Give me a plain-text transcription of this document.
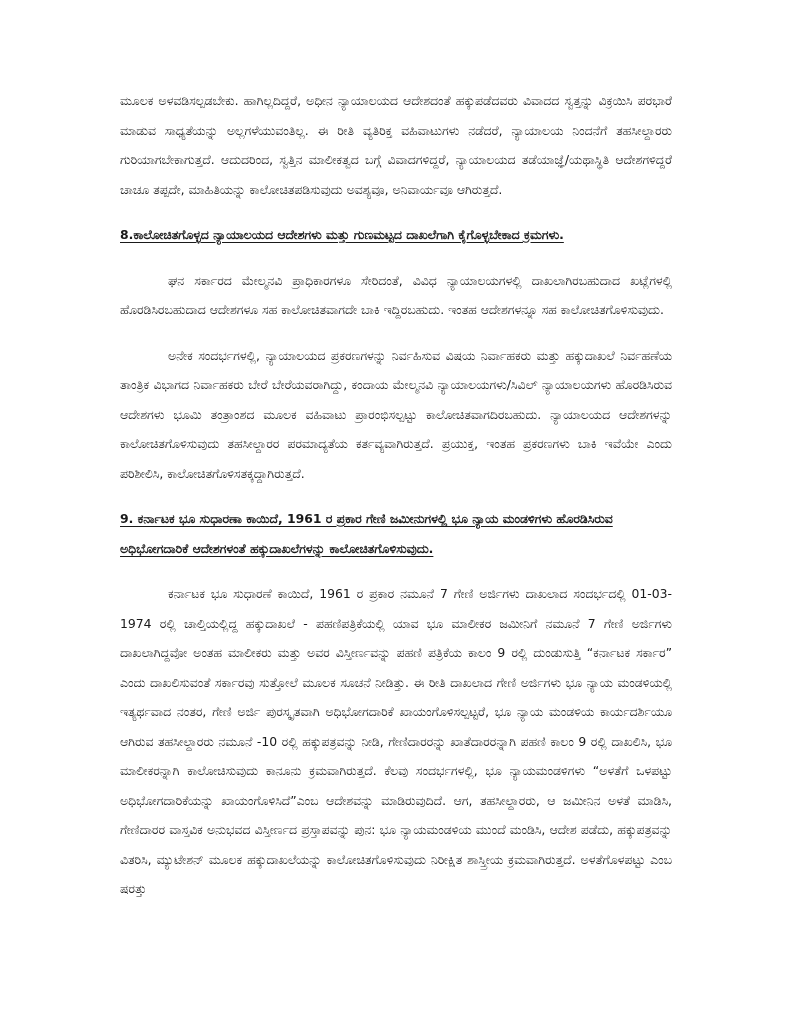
ಮೂಲಕ ಅಳವಡಿಸಲ್ಪಡಬೇಕು. ಹಾಗಿಲ್ಲದಿದ್ದರೆ, ಅಧೀನ ನ್ಯಾಯಾಲಯದ ಆದೇಶದಂತೆ ಹಕ್ಕುಪಡೆದವರು ವಿವಾದದ ಸ್ವತ್ತನ್ನು ವಿಕ್ರಯಿಸಿ ಪರಭಾರೆ ಮಾಡುವ ಸಾಧ್ಯತೆಯನ್ನು ಅಲ್ಲಗಳೆಯುವಂತಿಲ್ಲ. ಈ ರೀತಿ ವ್ಯತಿರಿಕ್ತ ವಹಿವಾಟುಗಳು ನಡೆದರೆ, ನ್ಯಾಯಾಲಯ ನಿಂದನೆಗೆ ತಹಸೀಲ್ದಾರರು ಗುರಿಯಾಗಬೇಕಾಗುತ್ತದೆ. ಆದುದರಿಂದ, ಸ್ವತ್ತಿನ ಮಾಲೀಕತ್ವದ ಬಗ್ಗೆ ವಿವಾದಗಳಿದ್ದರೆ, ನ್ಯಾಯಾಲಯದ ತಡೆಯಾಜ್ಞೆ/ಯಥಾಸ್ಥಿತಿ ಆದೇಶಗಳಿದ್ದರೆ ಚಾಚೂ ತಪ್ಪದೇ, ಮಾಹಿತಿಯನ್ನು ಕಾಲೋಚಿತಪಡಿಸುವುದು ಅವಶ್ಯವೂ, ಅನಿವಾರ್ಯವೂ ಆಗಿರುತ್ತದೆ.

8.ಕಾಲೋಚಿತಗೊಳ್ಳದ ನ್ಯಾಯಾಲಯದ ಆದೇಶಗಳು ಮತ್ತು ಗುಣಮಟ್ಟದ ದಾಖಲೆಗಾಗಿ ಕೈಗೊಳ್ಳಬೇಕಾದ ಕ್ರಮಗಳು.

ಘನ ಸರ್ಕಾರದ ಮೇಲ್ಮನವಿ ಪ್ರಾಧಿಕಾರಗಳೂ ಸೇರಿದಂತೆ, ವಿವಿಧ ನ್ಯಾಯಾಲಯಗಳಲ್ಲಿ ದಾಖಲಾಗಿರಬಹುದಾದ ಖಟ್ಲೆಗಳಲ್ಲಿ ಹೊರಡಿಸಿರಬಹುದಾದ ಆದೇಶಗಳೂ ಸಹ ಕಾಲೋಚಿತವಾಗದೇ ಬಾಕಿ ಇದ್ದಿರಬಹುದು. ಇಂತಹ ಆದೇಶಗಳನ್ನೂ ಸಹ ಕಾಲೋಚಿತಗೊಳಿಸುವುದು.

ಅನೇಕ ಸಂದರ್ಭಗಳಲ್ಲಿ, ನ್ಯಾಯಾಲಯದ ಪ್ರಕರಣಗಳನ್ನು ನಿರ್ವಹಿಸುವ ವಿಷಯ ನಿರ್ವಾಹಕರು ಮತ್ತು ಹಕ್ಕುದಾಖಲೆ ನಿರ್ವಹಣೆಯ ತಾಂತ್ರಿಕ ವಿಭಾಗದ ನಿರ್ವಾಹಕರು ಬೇರೆ ಬೇರೆಯವರಾಗಿದ್ದು, ಕಂದಾಯ ಮೇಲ್ಮನವಿ ನ್ಯಾಯಾಲಯಗಳು/ಸಿವಿಲ್ ನ್ಯಾಯಾಲಯಗಳು ಹೊರಡಿಸಿರುವ ಆದೇಶಗಳು ಭೂಮಿ ತಂತ್ರಾಂಶದ ಮೂಲಕ ವಹಿವಾಟು ಪ್ರಾರಂಭಿಸಲ್ಪಟ್ಟು ಕಾಲೋಚಿತವಾಗದಿರಬಹುದು. ನ್ಯಾಯಾಲಯದ ಆದೇಶಗಳನ್ನು ಕಾಲೋಚಿತಗೊಳಿಸುವುದು ತಹಸೀಲ್ದಾರರ ಪರಮಾದ್ಯತೆಯ ಕರ್ತವ್ಯವಾಗಿರುತ್ತದೆ. ಪ್ರಯುಕ್ತ, ಇಂತಹ ಪ್ರಕರಣಗಳು ಬಾಕಿ ಇವೆಯೇ ಎಂದು ಪರಿಶೀಲಿಸಿ, ಕಾಲೋಚಿತಗೊಳಿಸತಕ್ಕದ್ದಾಗಿರುತ್ತದೆ.

9. ಕರ್ನಾಟಕ ಭೂ ಸುಧಾರಣಾ ಕಾಯಿದೆ, 1961 ರ ಪ್ರಕಾರ ಗೇಣಿ ಜಮೀನುಗಳಲ್ಲಿ ಭೂ ನ್ಯಾಯ ಮಂಡಳಿಗಳು ಹೊರಡಿಸಿರುವ ಅಧಿಭೋಗದಾರಿಕೆ ಆದೇಶಗಳಂತೆ ಹಕ್ಕುದಾಖಲೆಗಳನ್ನು ಕಾಲೋಚಿತಗೊಳಿಸುವುದು.

ಕರ್ನಾಟಕ ಭೂ ಸುಧಾರಣೆ ಕಾಯಿದೆ, 1961 ರ ಪ್ರಕಾರ ನಮೂನೆ 7 ಗೇಣಿ ಅರ್ಜಿಗಳು ದಾಖಲಾದ ಸಂದರ್ಭದಲ್ಲಿ 01-03-1974 ರಲ್ಲಿ ಚಾಲ್ತಿಯಲ್ಲಿದ್ದ ಹಕ್ಕುದಾಖಲೆ - ಪಹಣಿಪತ್ರಿಕೆಯಲ್ಲಿ ಯಾವ ಭೂ ಮಾಲೀಕರ ಜಮೀನಿಗೆ ನಮೂನೆ 7 ಗೇಣಿ ಅರ್ಜಿಗಳು ದಾಖಲಾಗಿದ್ದವೋ ಅಂತಹ ಮಾಲೀಕರು ಮತ್ತು ಅವರ ವಿಸ್ತೀರ್ಣವನ್ನು ಪಹಣಿ ಪತ್ರಿಕೆಯ ಕಾಲಂ 9 ರಲ್ಲಿ ದುಂಡುಸುತ್ತಿ “ಕರ್ನಾಟಕ ಸರ್ಕಾರ” ಎಂದು ದಾಖಲಿಸುವಂತೆ ಸರ್ಕಾರವು ಸುತ್ತೋಲೆ ಮೂಲಕ ಸೂಚನೆ ನೀಡಿತ್ತು. ಈ ರೀತಿ ದಾಖಲಾದ ಗೇಣಿ ಅರ್ಜಿಗಳು ಭೂ ನ್ಯಾಯ ಮಂಡಳಿಯಲ್ಲಿ ಇತ್ಯರ್ಥವಾದ ನಂತರ, ಗೇಣಿ ಅರ್ಜಿ ಪುರಸ್ಕೃತವಾಗಿ ಅಧಿಭೋಗದಾರಿಕೆ ಖಾಯಂಗೊಳಿಸಲ್ಪಟ್ಟರೆ, ಭೂ ನ್ಯಾಯ ಮಂಡಳಿಯ ಕಾರ್ಯದರ್ಶಿಯೂ ಆಗಿರುವ ತಹಸೀಲ್ದಾರರು ನಮೂನೆ -10 ರಲ್ಲಿ ಹಕ್ಕುಪತ್ರವನ್ನು ನೀಡಿ, ಗೇಣಿದಾರರನ್ನು ಖಾತೆದಾರರನ್ನಾಗಿ ಪಹಣಿ ಕಾಲಂ 9 ರಲ್ಲಿ ದಾಖಲಿಸಿ, ಭೂ ಮಾಲೀಕರನ್ನಾಗಿ ಕಾಲೋಚಿಸುವುದು ಕಾನೂನು ಕ್ರಮವಾಗಿರುತ್ತದೆ. ಕೆಲವು ಸಂದರ್ಭಗಳಲ್ಲಿ, ಭೂ ನ್ಯಾಯಮಂಡಳಿಗಳು “ಅಳತೆಗೆ ಒಳಪಟ್ಟು ಅಧಿಭೋಗದಾರಿಕೆಯನ್ನು ಖಾಯಂಗೊಳಿಸಿದೆ”ಎಂಬ ಆದೇಶವನ್ನು ಮಾಡಿರುವುದಿದೆ. ಆಗ, ತಹಸೀಲ್ದಾರರು, ಆ ಜಮೀನಿನ ಅಳತೆ ಮಾಡಿಸಿ, ಗೇಣಿದಾರರ ವಾಸ್ತವಿಕ ಅನುಭವದ ವಿಸ್ತೀರ್ಣದ ಪ್ರಸ್ತಾಪವನ್ನು ಪುನ: ಭೂ ನ್ಯಾಯಮಂಡಳಿಯ ಮುಂದೆ ಮಂಡಿಸಿ, ಆದೇಶ ಪಡೆದು, ಹಕ್ಕುಪತ್ರವನ್ನು ವಿತರಿಸಿ, ಮ್ಯುಟೇಶನ್ ಮೂಲಕ ಹಕ್ಕುದಾಖಲೆಯನ್ನು ಕಾಲೋಚಿತಗೊಳಿಸುವುದು ನಿರೀಕ್ಷಿತ ಶಾಸ್ತ್ರೀಯ ಕ್ರಮವಾಗಿರುತ್ತದೆ. ಅಳತೆಗೊಳಪಟ್ಟು ಎಂಬ ಷರತ್ತು
